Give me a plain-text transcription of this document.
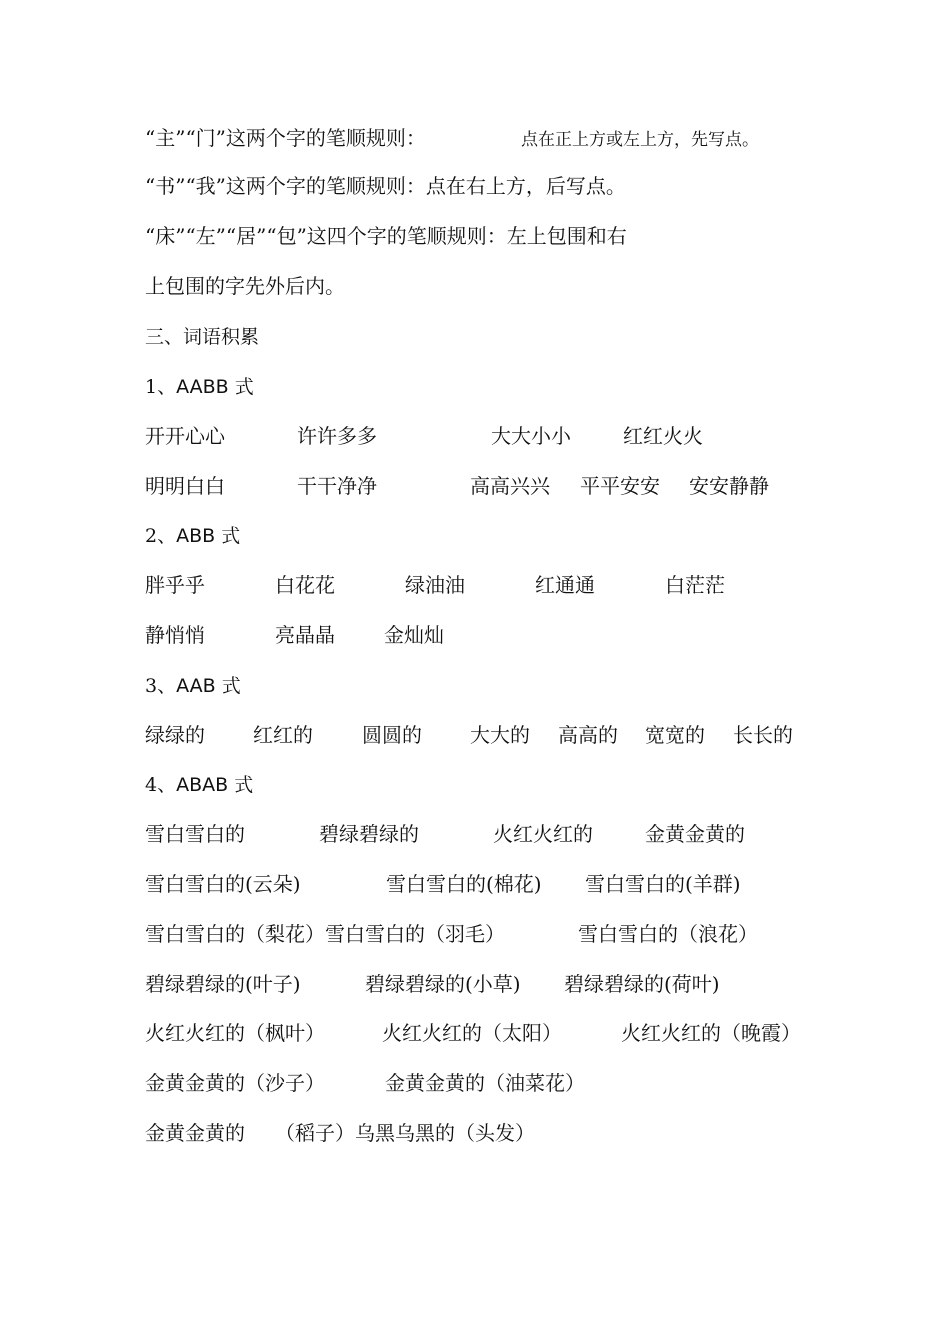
“主”“门”这两个字的笔顺规则：	点在正上方或左上方，先写点。
“书”“我”这两个字的笔顺规则：点在右上方，后写点。
“床”“左”“居”“包”这四个字的笔顺规则：左上包围和右
上包围的字先外后内。
三、词语积累
1、AABB 式
开开心心	许许多多	大大小小	红红火火
明明白白	干干净净	高高兴兴 平平安安 安安静静
2、ABB 式
胖乎乎	白花花	绿油油	红通通	白茫茫
静悄悄	亮晶晶 金灿灿
3、AAB 式
绿绿的 红红的 圆圆的 大大的 高高的 宽宽的 长长的
4、ABAB 式
雪白雪白的	碧绿碧绿的	火红火红的	金黄金黄的
雪白雪白的(云朵)	雪白雪白的(棉花) 雪白雪白的(羊群)
雪白雪白的（梨花）雪白雪白的（羽毛）	雪白雪白的（浪花）
碧绿碧绿的(叶子)	碧绿碧绿的(小草) 碧绿碧绿的(荷叶)
火红火红的（枫叶）	火红火红的（太阳）	火红火红的（晚霞）
金黄金黄的（沙子）	金黄金黄的（油菜花）
金黄金黄的 （稻子）乌黑乌黑的（头发）
